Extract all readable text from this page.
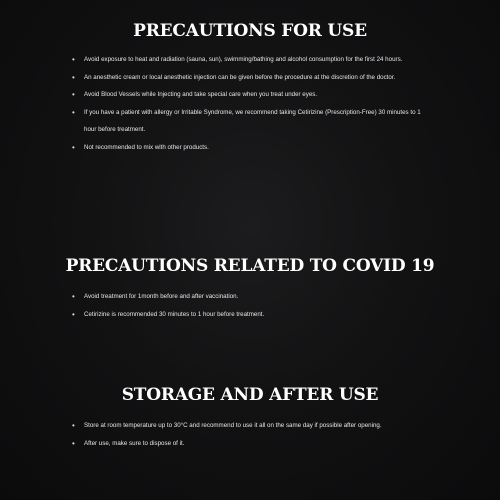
PRECAUTIONS FOR USE
• Avoid exposure to heat and radiation (sauna, sun), swimming/bathing and alcohol consumption for the first 24 hours.
• An anesthetic cream or local anesthetic injection can be given before the procedure at the discretion of the doctor.
• Avoid Blood Vessels while Injecting and take special care when you treat under eyes.
• If you have a patient with allergy or Irritable Syndrome, we recommend taking Cetirizine (Prescription-Free) 30 minutes to 1 hour before treatment.
• Not recommended to mix with other products.
PRECAUTIONS RELATED TO COVID 19
• Avoid treatment for 1month before and after vaccination.
• Cetirizine is recommended 30 minutes to 1 hour before treatment.
STORAGE AND AFTER USE
• Store at room temperature up to 30°C and recommend to use it all on the same day if possible after opening.
• After use, make sure to dispose of it.
